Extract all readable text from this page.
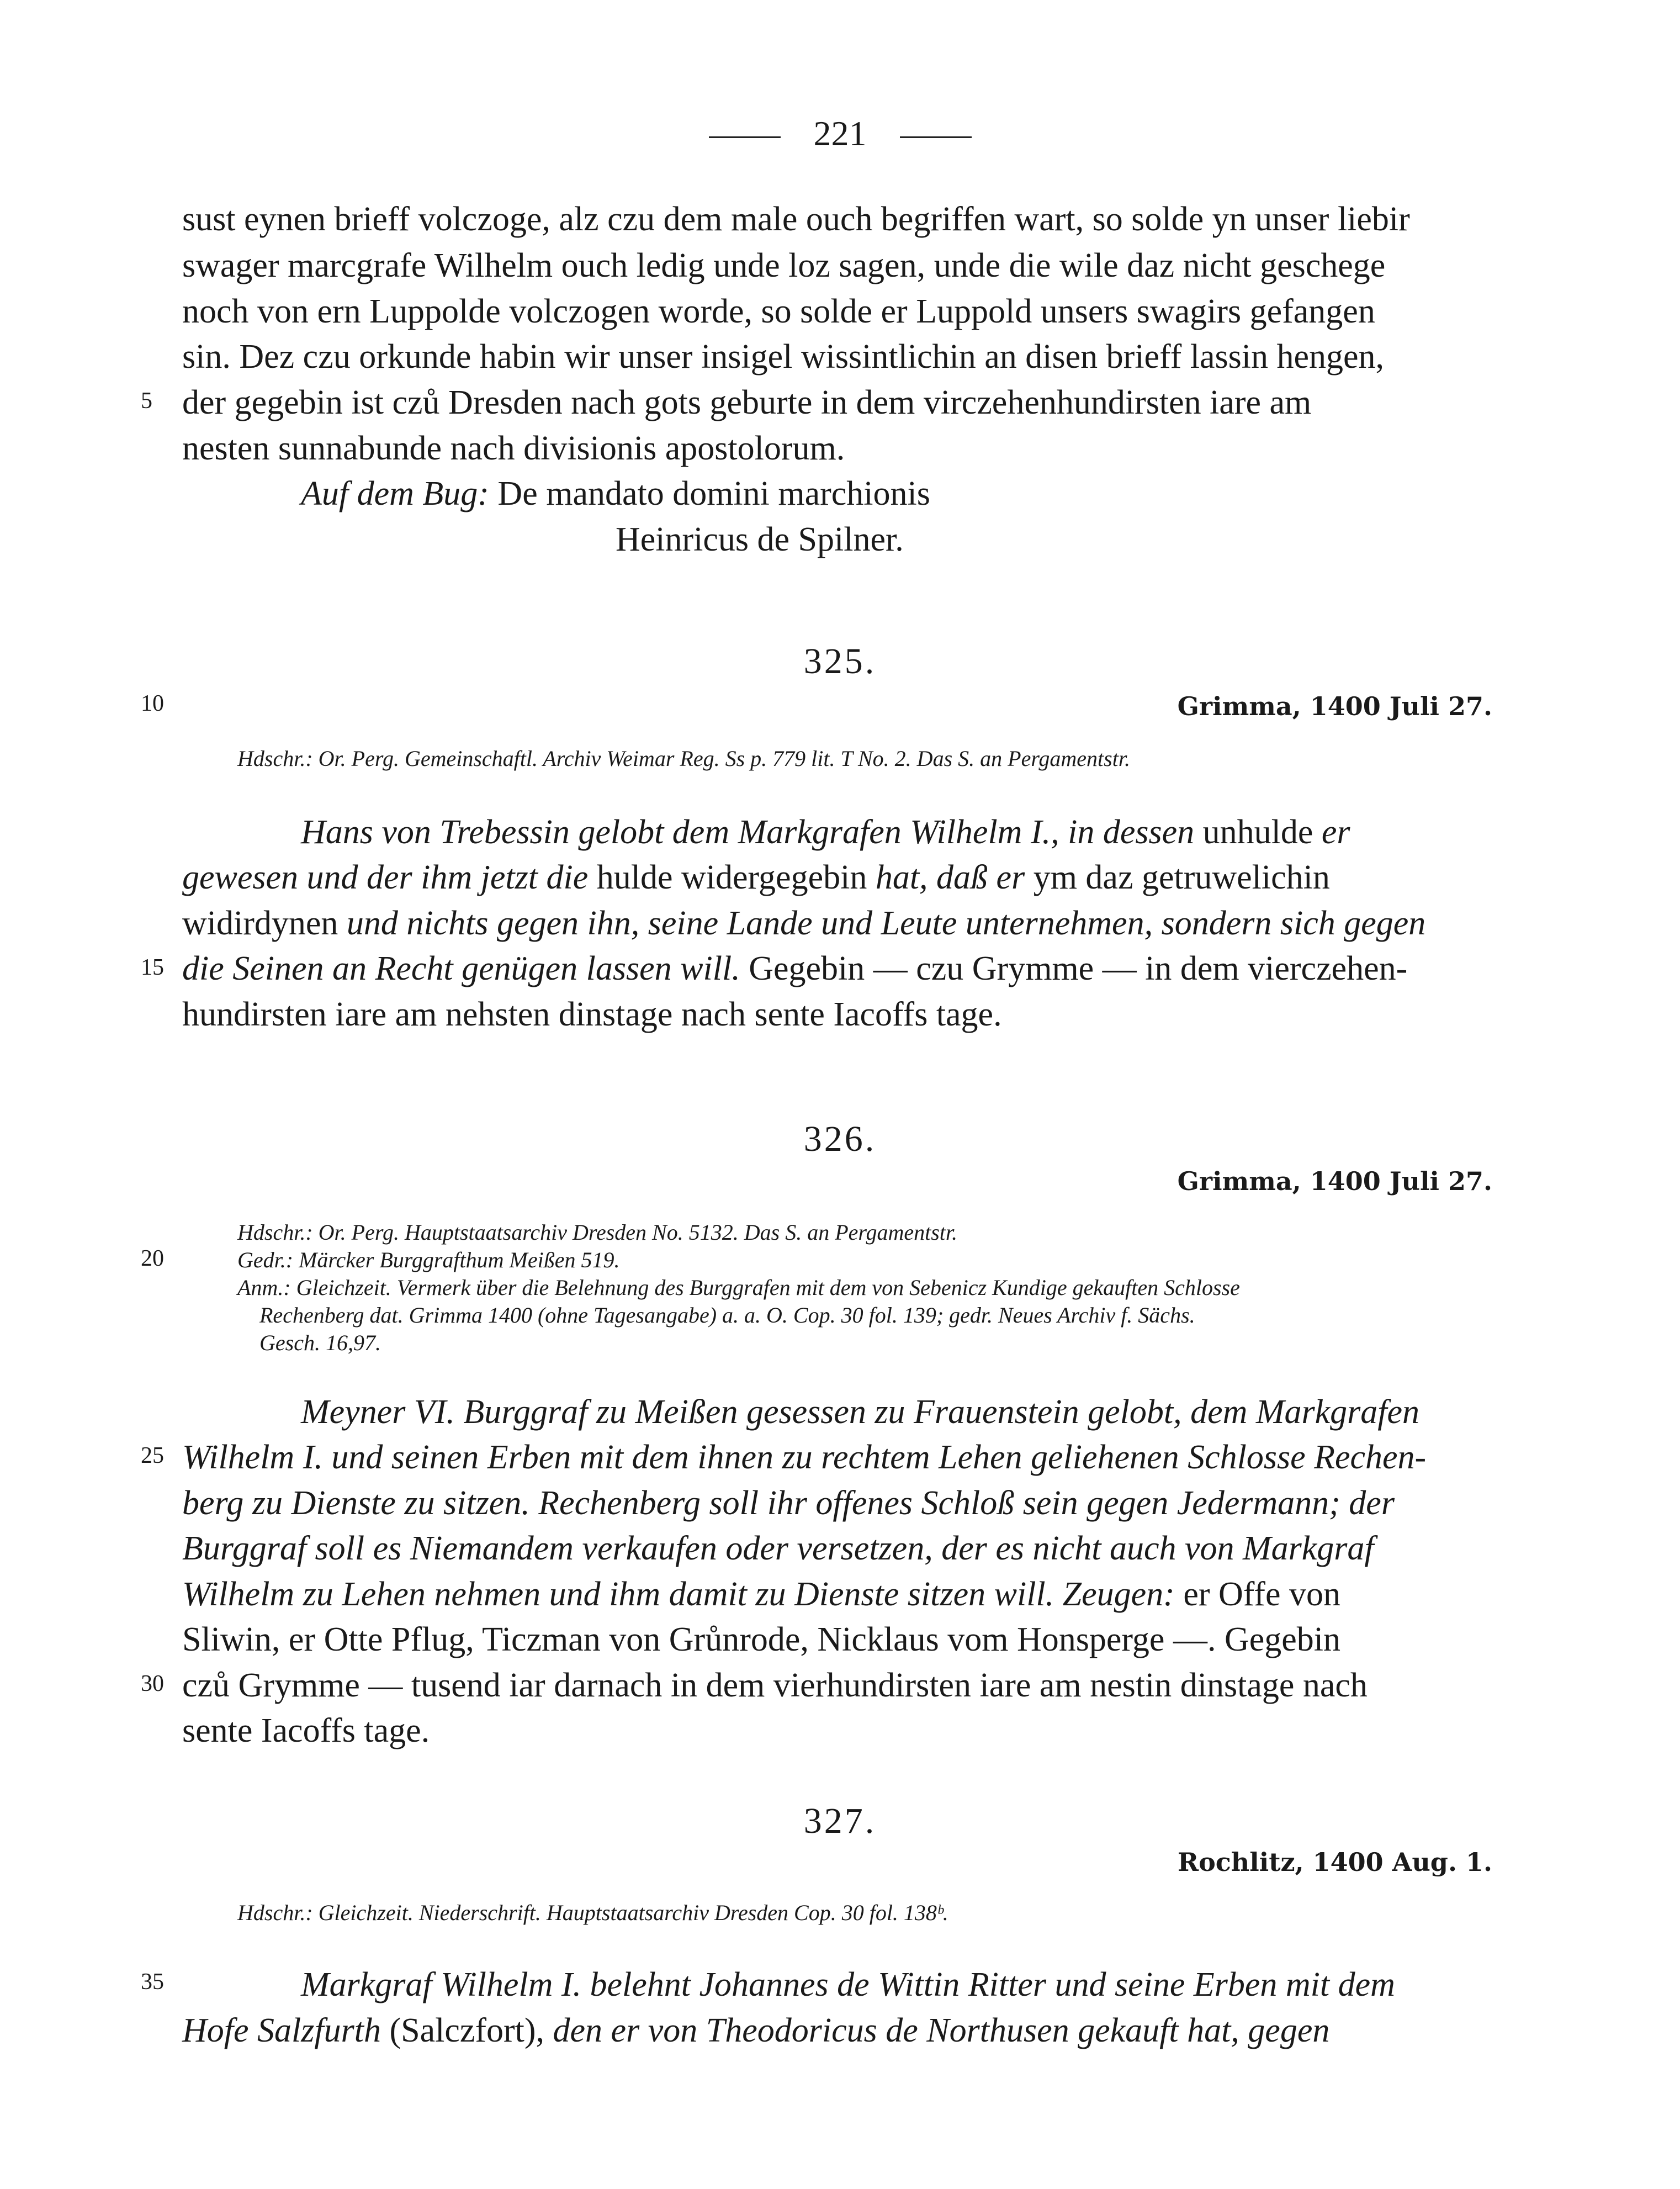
221
sust eynen brieff volczoge, alz czu dem male ouch begriffen wart, so solde yn unser liebir
swager marcgrafe Wilhelm ouch ledig unde loz sagen, unde die wile daz nicht geschege
noch von ern Luppolde volczogen worde, so solde er Luppold unsers swagirs gefangen
sin. Dez czu orkunde habin wir unser insigel wissintlichin an disen brieff lassin hengen,
5 der gegebin ist czů Dresden nach gots geburte in dem virczehenhundirsten iare am
nesten sunnabunde nach divisionis apostolorum.
Auf dem Bug: De mandato domini marchionis
Heinricus de Spilner.
325.
10	Grimma, 1400 Juli 27.
Hdschr.: Or. Perg. Gemeinschaftl. Archiv Weimar Reg. Ss p. 779 lit. T No. 2. Das S. an Pergamentstr.
Hans von Trebessin gelobt dem Markgrafen Wilhelm I., in dessen unhulde er
gewesen und der ihm jetzt die hulde widergegebin hat, daß er ym daz getruwelichin
widirdynen und nichts gegen ihn, seine Lande und Leute unternehmen, sondern sich gegen
15 die Seinen an Recht genügen lassen will. Gegebin — czu Grymme — in dem vierczehen-
hundirsten iare am nehsten dinstage nach sente Iacoffs tage.
326.
Grimma, 1400 Juli 27.
Hdschr.: Or. Perg. Hauptstaatsarchiv Dresden No. 5132. Das S. an Pergamentstr.
20	Gedr.: Märcker Burggrafthum Meißen 519.
Anm.: Gleichzeit. Vermerk über die Belehnung des Burggrafen mit dem von Sebenicz Kundige gekauften Schlosse
Rechenberg dat. Grimma 1400 (ohne Tagesangabe) a. a. O. Cop. 30 fol. 139; gedr. Neues Archiv f. Sächs.
Gesch. 16,97.
Meyner VI. Burggraf zu Meißen gesessen zu Frauenstein gelobt, dem Markgrafen
25 Wilhelm I. und seinen Erben mit dem ihnen zu rechtem Lehen geliehenen Schlosse Rechen-
berg zu Dienste zu sitzen. Rechenberg soll ihr offenes Schloß sein gegen Jedermann; der
Burggraf soll es Niemandem verkaufen oder versetzen, der es nicht auch von Markgraf
Wilhelm zu Lehen nehmen und ihm damit zu Dienste sitzen will. Zeugen: er Offe von
Sliwin, er Otte Pflug, Ticzman von Grůnrode, Nicklaus vom Honsperge —. Gegebin
30 czů Grymme — tusend iar darnach in dem vierhundirsten iare am nestin dinstage nach
sente Iacoffs tage.
327.
Rochlitz, 1400 Aug. 1.
Hdschr.: Gleichzeit. Niederschrift. Hauptstaatsarchiv Dresden Cop. 30 fol. 138ᵇ.
35	Markgraf Wilhelm I. belehnt Johannes de Wittin Ritter und seine Erben mit dem
Hofe Salzfurth (Salczfort), den er von Theodoricus de Northusen gekauft hat, gegen
